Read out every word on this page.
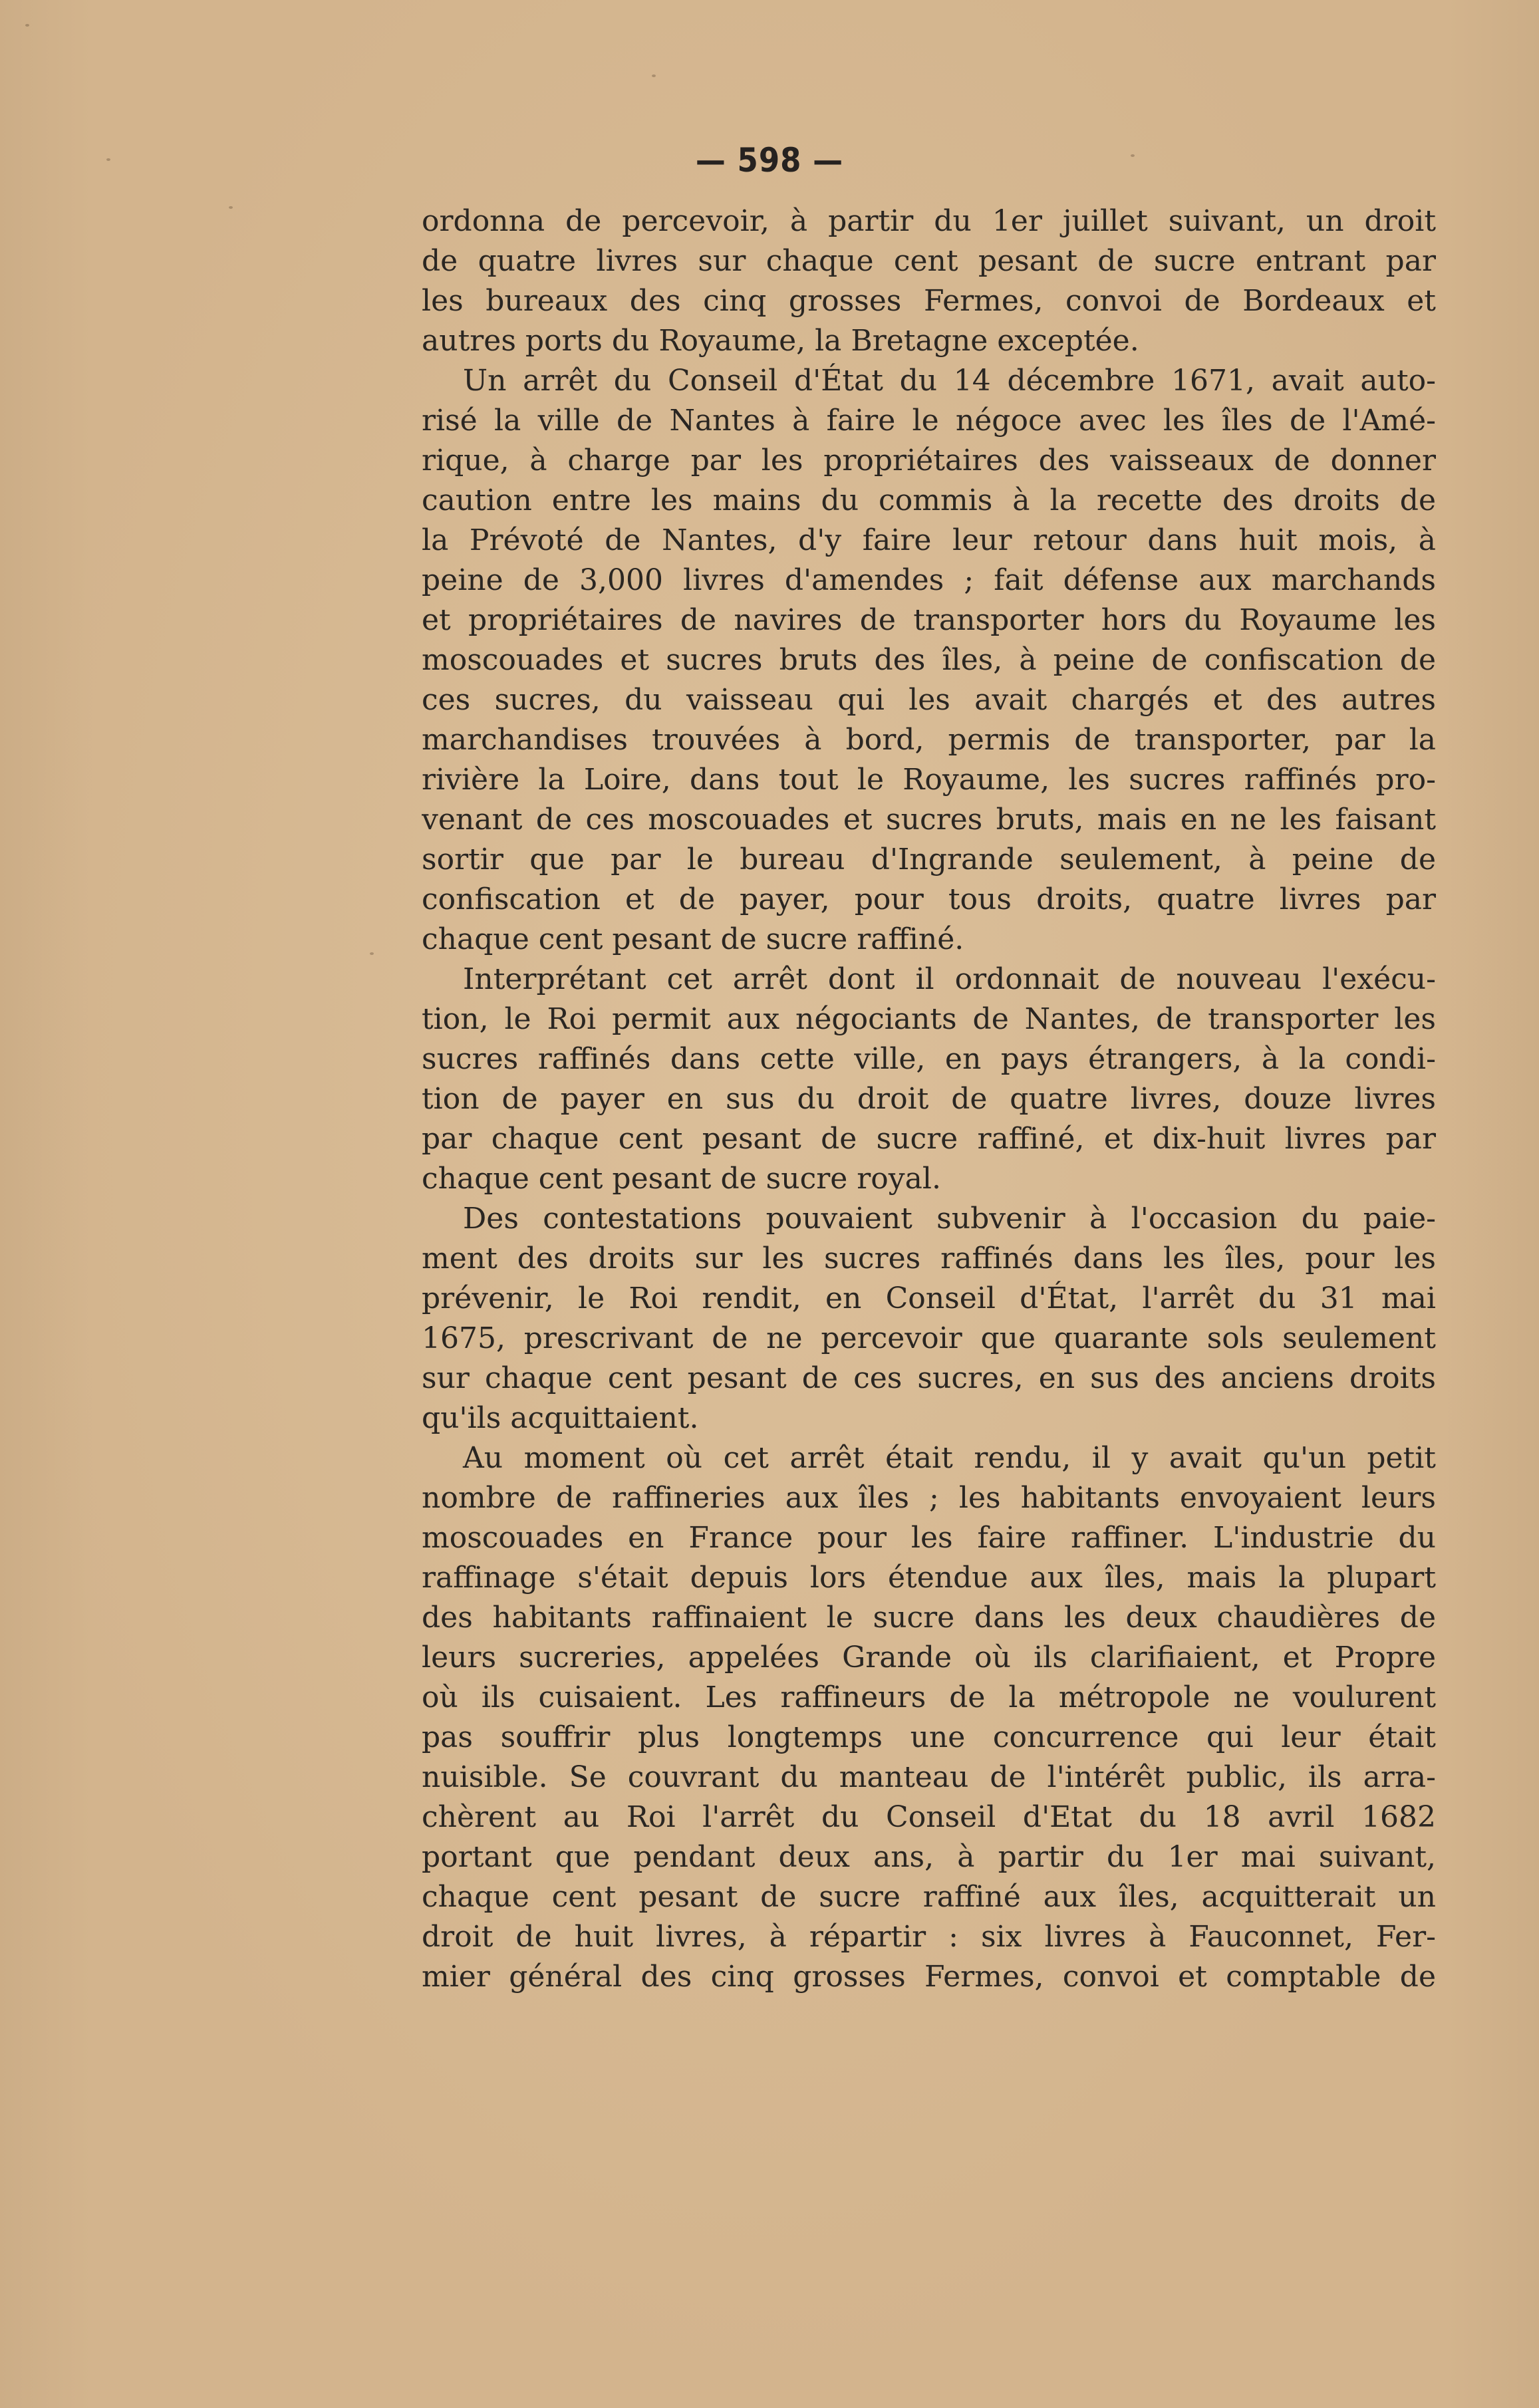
— 598 —
ordonna de percevoir, à partir du 1er juillet suivant, un droit
de quatre livres sur chaque cent pesant de sucre entrant par
les bureaux des cinq grosses Fermes, convoi de Bordeaux et
autres ports du Royaume, la Bretagne exceptée.
Un arrêt du Conseil d'État du 14 décembre 1671, avait auto-
risé la ville de Nantes à faire le négoce avec les îles de l'Amé-
rique, à charge par les propriétaires des vaisseaux de donner
caution entre les mains du commis à la recette des droits de
la Prévoté de Nantes, d'y faire leur retour dans huit mois, à
peine de 3,000 livres d'amendes ; fait défense aux marchands
et propriétaires de navires de transporter hors du Royaume les
moscouades et sucres bruts des îles, à peine de confiscation de
ces sucres, du vaisseau qui les avait chargés et des autres
marchandises trouvées à bord, permis de transporter, par la
rivière la Loire, dans tout le Royaume, les sucres raffinés pro-
venant de ces moscouades et sucres bruts, mais en ne les faisant
sortir que par le bureau d'Ingrande seulement, à peine de
confiscation et de payer, pour tous droits, quatre livres par
chaque cent pesant de sucre raffiné.
Interprétant cet arrêt dont il ordonnait de nouveau l'exécu-
tion, le Roi permit aux négociants de Nantes, de transporter les
sucres raffinés dans cette ville, en pays étrangers, à la condi-
tion de payer en sus du droit de quatre livres, douze livres
par chaque cent pesant de sucre raffiné, et dix-huit livres par
chaque cent pesant de sucre royal.
Des contestations pouvaient subvenir à l'occasion du paie-
ment des droits sur les sucres raffinés dans les îles, pour les
prévenir, le Roi rendit, en Conseil d'État, l'arrêt du 31 mai
1675, prescrivant de ne percevoir que quarante sols seulement
sur chaque cent pesant de ces sucres, en sus des anciens droits
qu'ils acquittaient.
Au moment où cet arrêt était rendu, il y avait qu'un petit
nombre de raffineries aux îles ; les habitants envoyaient leurs
moscouades en France pour les faire raffiner. L'industrie du
raffinage s'était depuis lors étendue aux îles, mais la plupart
des habitants raffinaient le sucre dans les deux chaudières de
leurs sucreries, appelées Grande où ils clarifiaient, et Propre
où ils cuisaient. Les raffineurs de la métropole ne voulurent
pas souffrir plus longtemps une concurrence qui leur était
nuisible. Se couvrant du manteau de l'intérêt public, ils arra-
chèrent au Roi l'arrêt du Conseil d'Etat du 18 avril 1682
portant que pendant deux ans, à partir du 1er mai suivant,
chaque cent pesant de sucre raffiné aux îles, acquitterait un
droit de huit livres, à répartir : six livres à Fauconnet, Fer-
mier général des cinq grosses Fermes, convoi et comptable de
